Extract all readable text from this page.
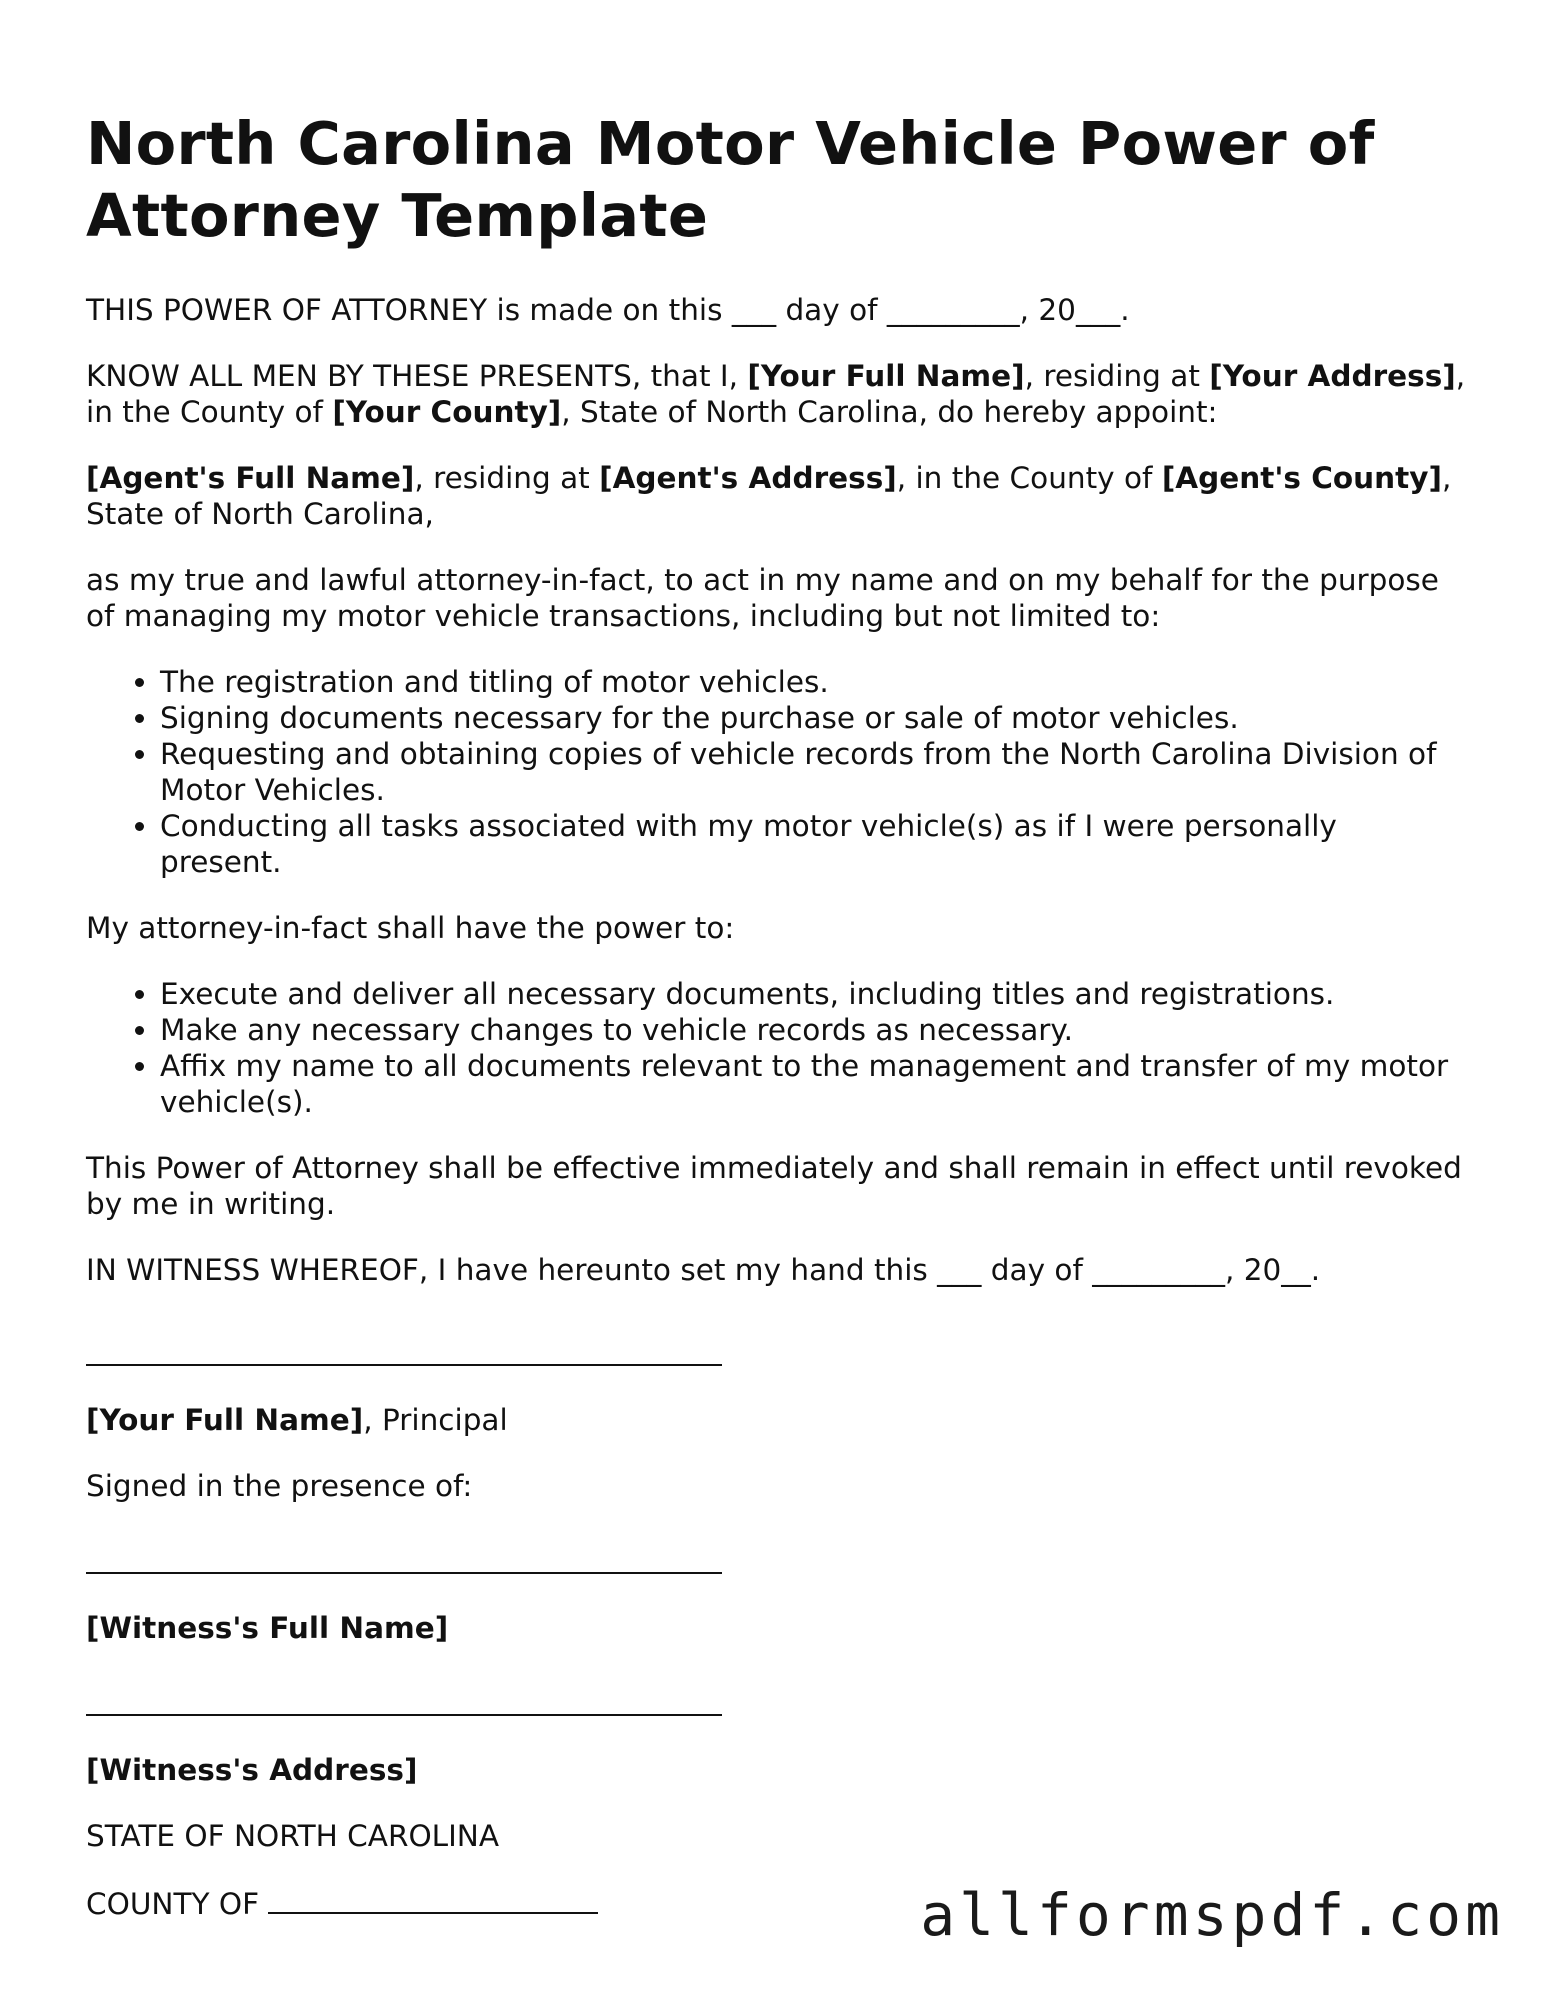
North Carolina Motor Vehicle Power of Attorney Template

THIS POWER OF ATTORNEY is made on this ___ day of _________, 20___.

KNOW ALL MEN BY THESE PRESENTS, that I, [Your Full Name], residing at [Your Address], in the County of [Your County], State of North Carolina, do hereby appoint:

[Agent's Full Name], residing at [Agent's Address], in the County of [Agent's County], State of North Carolina,

as my true and lawful attorney-in-fact, to act in my name and on my behalf for the purpose of managing my motor vehicle transactions, including but not limited to:

• The registration and titling of motor vehicles.
• Signing documents necessary for the purchase or sale of motor vehicles.
• Requesting and obtaining copies of vehicle records from the North Carolina Division of Motor Vehicles.
• Conducting all tasks associated with my motor vehicle(s) as if I were personally present.

My attorney-in-fact shall have the power to:

• Execute and deliver all necessary documents, including titles and registrations.
• Make any necessary changes to vehicle records as necessary.
• Affix my name to all documents relevant to the management and transfer of my motor vehicle(s).

This Power of Attorney shall be effective immediately and shall remain in effect until revoked by me in writing.

IN WITNESS WHEREOF, I have hereunto set my hand this ___ day of _________, 20__.

[Your Full Name], Principal

Signed in the presence of:

[Witness's Full Name]

[Witness's Address]

STATE OF NORTH CAROLINA

COUNTY OF	allformspdf.com
